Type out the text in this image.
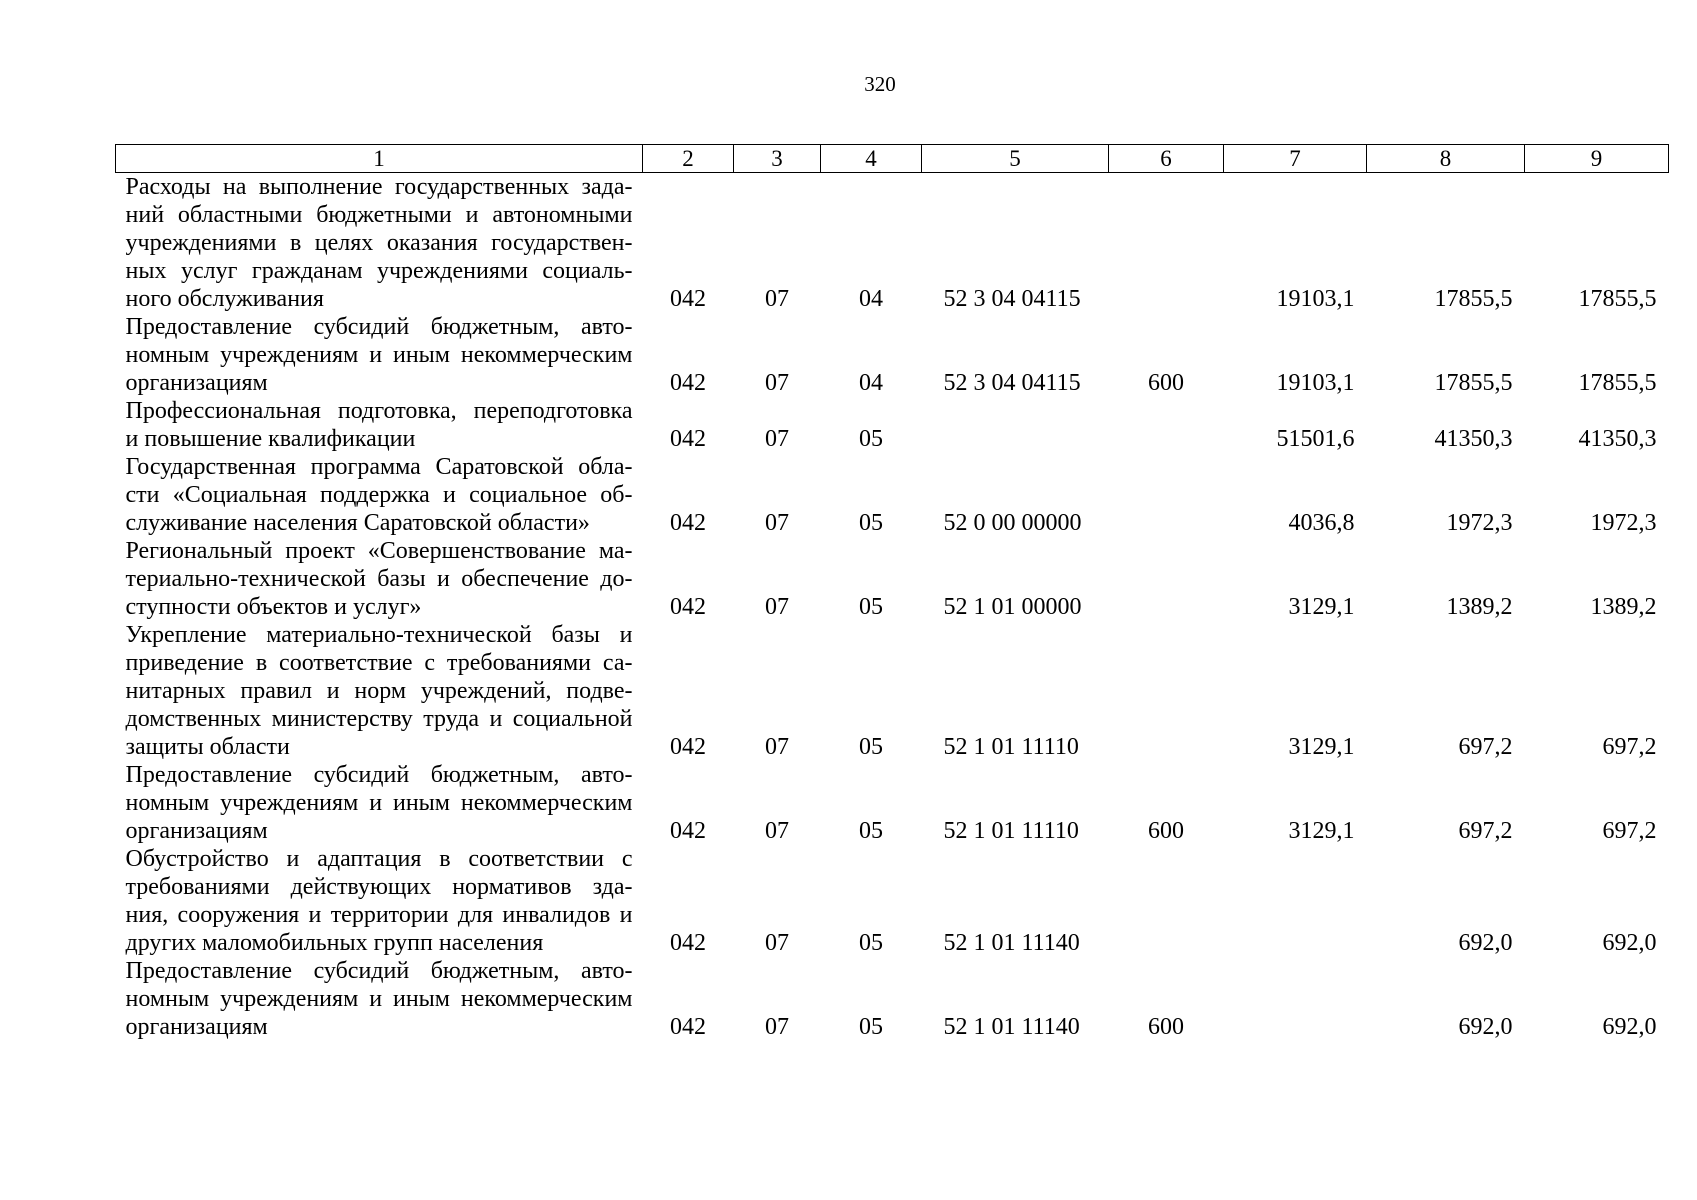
320
1	2	3	4	5	6	7	8	9

Расходы на выполнение государственных зада-
ний областными бюджетными и автономными
учреждениями в целях оказания государствен-
ных услуг гражданам учреждениями социаль-
ного обслуживания	042	07	04	52 3 04 04115		19103,1	17855,5	17855,5

Предоставление субсидий бюджетным, авто-
номным учреждениям и иным некоммерческим
организациям	042	07	04	52 3 04 04115	600	19103,1	17855,5	17855,5

Профессиональная подготовка, переподготовка
и повышение квалификации	042	07	05			51501,6	41350,3	41350,3

Государственная программа Саратовской обла-
сти «Социальная поддержка и социальное об-
служивание населения Саратовской области»	042	07	05	52 0 00 00000		4036,8	1972,3	1972,3

Региональный проект «Совершенствование ма-
териально-технической базы и обеспечение до-
ступности объектов и услуг»	042	07	05	52 1 01 00000		3129,1	1389,2	1389,2

Укрепление материально-технической базы и
приведение в соответствие с требованиями са-
нитарных правил и норм учреждений, подве-
домственных министерству труда и социальной
защиты области	042	07	05	52 1 01 11110		3129,1	697,2	697,2

Предоставление субсидий бюджетным, авто-
номным учреждениям и иным некоммерческим
организациям	042	07	05	52 1 01 11110	600	3129,1	697,2	697,2

Обустройство и адаптация в соответствии с
требованиями действующих нормативов зда-
ния, сооружения и территории для инвалидов и
других маломобильных групп населения	042	07	05	52 1 01 11140			692,0	692,0

Предоставление субсидий бюджетным, авто-
номным учреждениям и иным некоммерческим
организациям	042	07	05	52 1 01 11140	600		692,0	692,0
